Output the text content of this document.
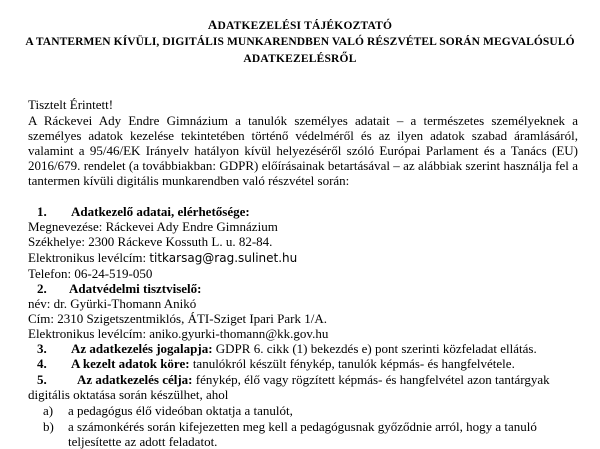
ADATKEZELÉSI TÁJÉKOZTATÓ
A TANTERMEN KÍVÜLI, DIGITÁLIS MUNKARENDBEN VALÓ RÉSZVÉTEL SORÁN MEGVALÓSULÓ
ADATKEZELÉSRŐL
Tisztelt Érintett!

A Ráckevei Ady Endre Gimnázium a tanulók személyes adatait – a természetes személyeknek a személyes adatok kezelése tekintetében történő védelméről és az ilyen adatok szabad áramlásáról, valamint a 95/46/EK Irányelv hatályon kívül helyezéséről szóló Európai Parlament és a Tanács (EU) 2016/679. rendelet (a továbbiakban: GDPR) előírásainak betartásával – az alábbiak szerint használja fel a tantermen kívüli digitális munkarendben való részvétel során:

1. Adatkezelő adatai, elérhetősége:
Megnevezése: Ráckevei Ady Endre Gimnázium
Székhelye: 2300 Ráckeve Kossuth L. u. 82-84.
Elektronikus levélcím: titkarsag@rag.sulinet.hu
Telefon: 06-24-519-050
2. Adatvédelmi tisztviselő:
név: dr. Gyürki-Thomann Anikó
Cím: 2310 Szigetszentmiklós, ÁTI-Sziget Ipari Park 1/A.
Elektronikus levélcím: aniko.gyurki-thomann@kk.gov.hu
3. Az adatkezelés jogalapja: GDPR 6. cikk (1) bekezdés e) pont szerinti közfeladat ellátás.
4. A kezelt adatok köre: tanulókról készült fénykép, tanulók képmás- és hangfelvétele.
5. Az adatkezelés célja: fénykép, élő vagy rögzített képmás- és hangfelvétel azon tantárgyak
digitális oktatása során készülhet, ahol
a) a pedagógus élő videóban oktatja a tanulót,
b) a számonkérés során kifejezetten meg kell a pedagógusnak győződnie arról, hogy a tanuló
teljesítette az adott feladatot.
